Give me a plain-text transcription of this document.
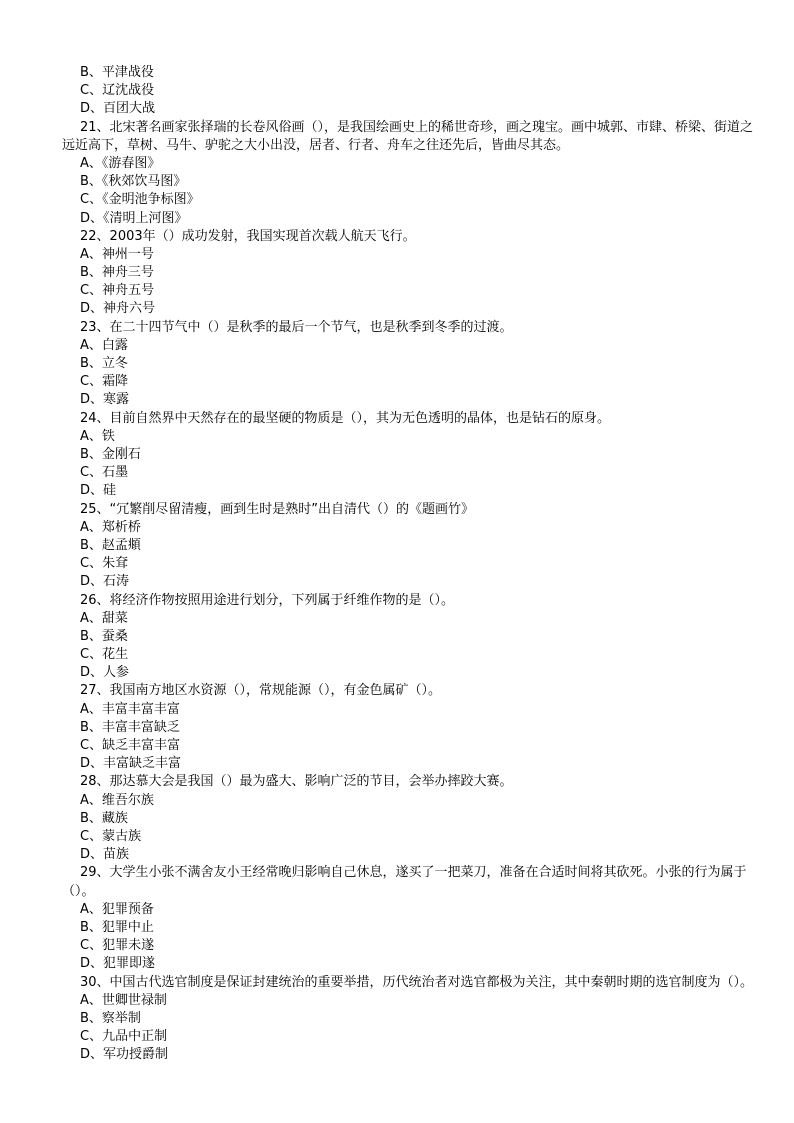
B、平津战役
C、辽沈战役
D、百团大战
21、北宋著名画家张择瑞的长卷风俗画（），是我国绘画史上的稀世奇珍，画之瑰宝。画中城郭、市肆、桥梁、街道之远近高下，草树、马牛、驴驼之大小出没，居者、行者、舟车之往还先后，皆曲尽其态。
A、《游春图》
B、《秋郊饮马图》
C、《金明池争标图》
D、《清明上河图》
22、2003年（）成功发射，我国实现首次载人航天飞行。
A、神州一号
B、神舟三号
C、神舟五号
D、神舟六号
23、在二十四节气中（）是秋季的最后一个节气，也是秋季到冬季的过渡。
A、白露
B、立冬
C、霜降
D、寒露
24、目前自然界中天然存在的最坚硬的物质是（），其为无色透明的晶体，也是钻石的原身。
A、铁
B、金刚石
C、石墨
D、硅
25、“冗繁削尽留清瘦，画到生时是熟时”出自清代（）的《题画竹》
A、郑析桥
B、赵孟頫
C、朱耷
D、石涛
26、将经济作物按照用途进行划分，下列属于纤维作物的是（）。
A、甜菜
B、蚕桑
C、花生
D、人参
27、我国南方地区水资源（），常规能源（），有金色属矿（）。
A、丰富丰富丰富
B、丰富丰富缺乏
C、缺乏丰富丰富
D、丰富缺乏丰富
28、那达慕大会是我国（）最为盛大、影响广泛的节目，会举办摔跤大赛。
A、维吾尔族
B、藏族
C、蒙古族
D、苗族
29、大学生小张不满舍友小王经常晚归影响自己休息，遂买了一把菜刀，准备在合适时间将其砍死。小张的行为属于（）。
A、犯罪预备
B、犯罪中止
C、犯罪未遂
D、犯罪即遂
30、中国古代选官制度是保证封建统治的重要举措，历代统治者对选官都极为关注，其中秦朝时期的选官制度为（）。
A、世卿世禄制
B、察举制
C、九品中正制
D、军功授爵制
